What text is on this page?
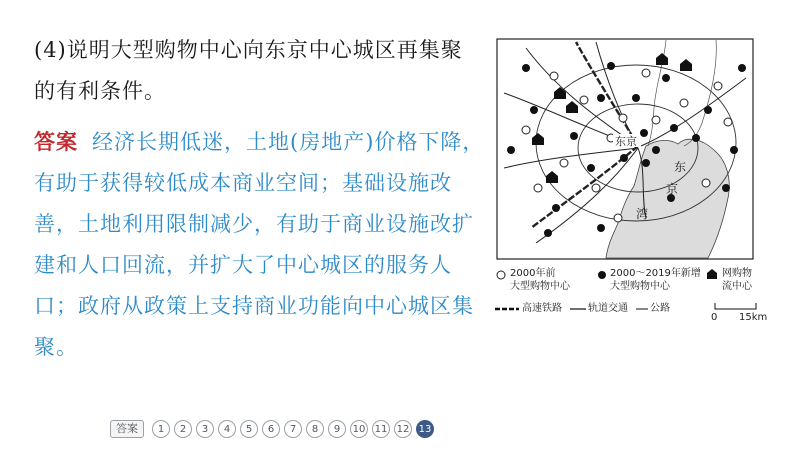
(4)说明大型购物中心向东京中心城区再集聚的有利条件。
答案 经济长期低迷，土地(房地产)价格下降，有助于获得较低成本商业空间；基础设施改善，土地利用限制减少，有助于商业设施改扩建和人口回流，并扩大了中心城区的服务人口；政府从政策上支持商业功能向中心城区集聚。
东京
东
京
湾
2000年前
大型购物中心
2000～2019年新增
大型购物中心
网购物
流中心
高速铁路	轨道交通 公路
0 15km
答案	1	2	3	4	5	6	7	8	9	10 11 12 13
